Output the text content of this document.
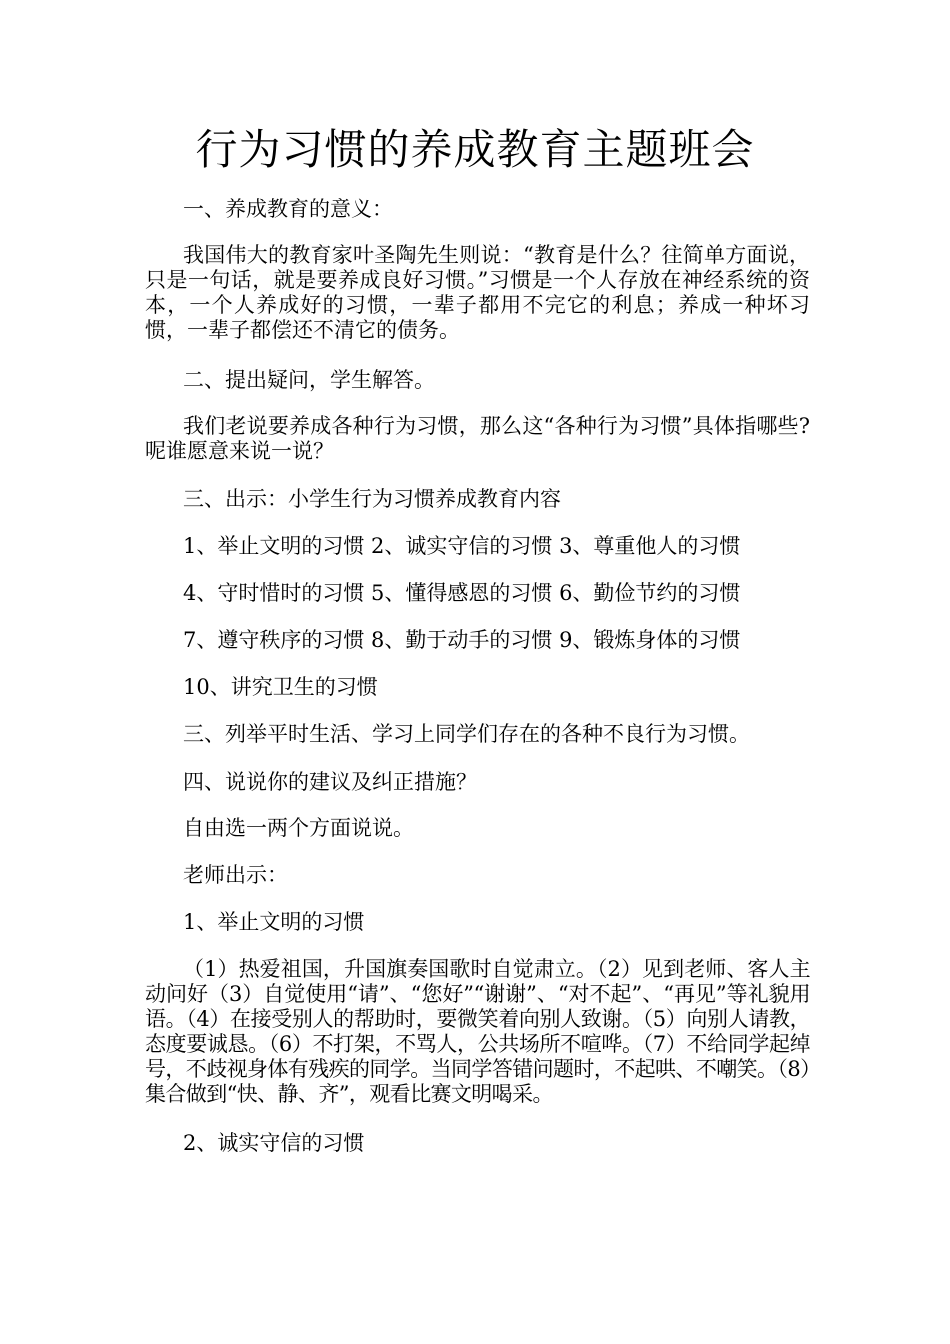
行为习惯的养成教育主题班会
一、养成教育的意义：
我国伟大的教育家叶圣陶先生则说：“教育是什么？往简单方面说，只是一句话，就是要养成良好习惯。”习惯是一个人存放在神经系统的资本，一个人养成好的习惯，一辈子都用不完它的利息；养成一种坏习惯，一辈子都偿还不清它的债务。
二、提出疑问，学生解答。
我们老说要养成各种行为习惯，那么这“各种行为习惯”具体指哪些?呢谁愿意来说一说？
三、出示：小学生行为习惯养成教育内容
1、举止文明的习惯 2、诚实守信的习惯 3、尊重他人的习惯
4、守时惜时的习惯 5、懂得感恩的习惯 6、勤俭节约的习惯
7、遵守秩序的习惯 8、勤于动手的习惯 9、锻炼身体的习惯
10、讲究卫生的习惯
三、列举平时生活、学习上同学们存在的各种不良行为习惯。
四、说说你的建议及纠正措施？
自由选一两个方面说说。
老师出示：
1、举止文明的习惯
（1）热爱祖国，升国旗奏国歌时自觉肃立。（2）见到老师、客人主动问好（3）自觉使用“请”、“您好”“谢谢”、“对不起”、“再见”等礼貌用语。（4）在接受别人的帮助时，要微笑着向别人致谢。（5）向别人请教，态度要诚恳。（6）不打架，不骂人，公共场所不喧哗。（7）不给同学起绰号，不歧视身体有残疾的同学。当同学答错问题时，不起哄、不嘲笑。（8）集合做到“快、静、齐”，观看比赛文明喝采。
2、诚实守信的习惯
